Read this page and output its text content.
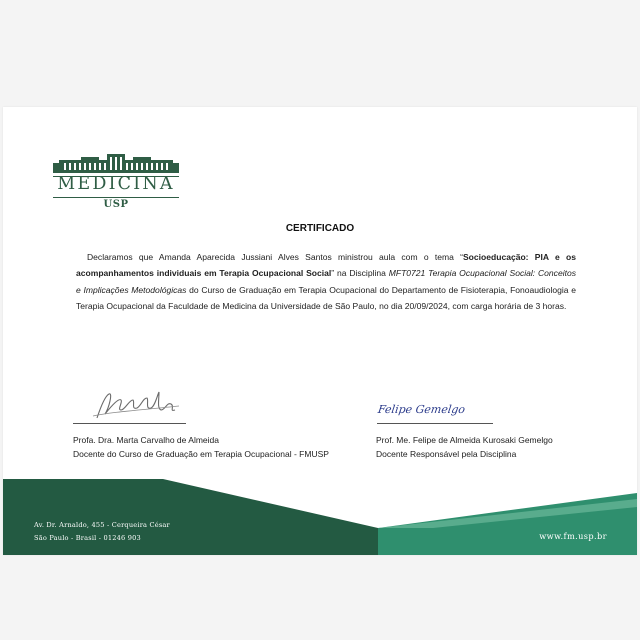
MEDICINA
USP
CERTIFICADO
Declaramos que Amanda Aparecida Jussiani Alves Santos ministrou aula com o tema “Socioeducação: PIA e os acompanhamentos individuais em Terapia Ocupacional Social” na Disciplina MFT0721 Terapia Ocupacional Social: Conceitos e Implicações Metodológicas do Curso de Graduação em Terapia Ocupacional do Departamento de Fisioterapia, Fonoaudiologia e Terapia Ocupacional da Faculdade de Medicina da Universidade de São Paulo, no dia 20/09/2024, com carga horária de 3 horas.
Profa. Dra. Marta Carvalho de Almeida
Docente do Curso de Graduação em Terapia Ocupacional - FMUSP
Felipe Gemelgo
Prof. Me. Felipe de Almeida Kurosaki Gemelgo
Docente Responsável pela Disciplina
Av. Dr. Arnaldo, 455 - Cerqueira César
São Paulo - Brasil - 01246 903	www.fm.usp.br
